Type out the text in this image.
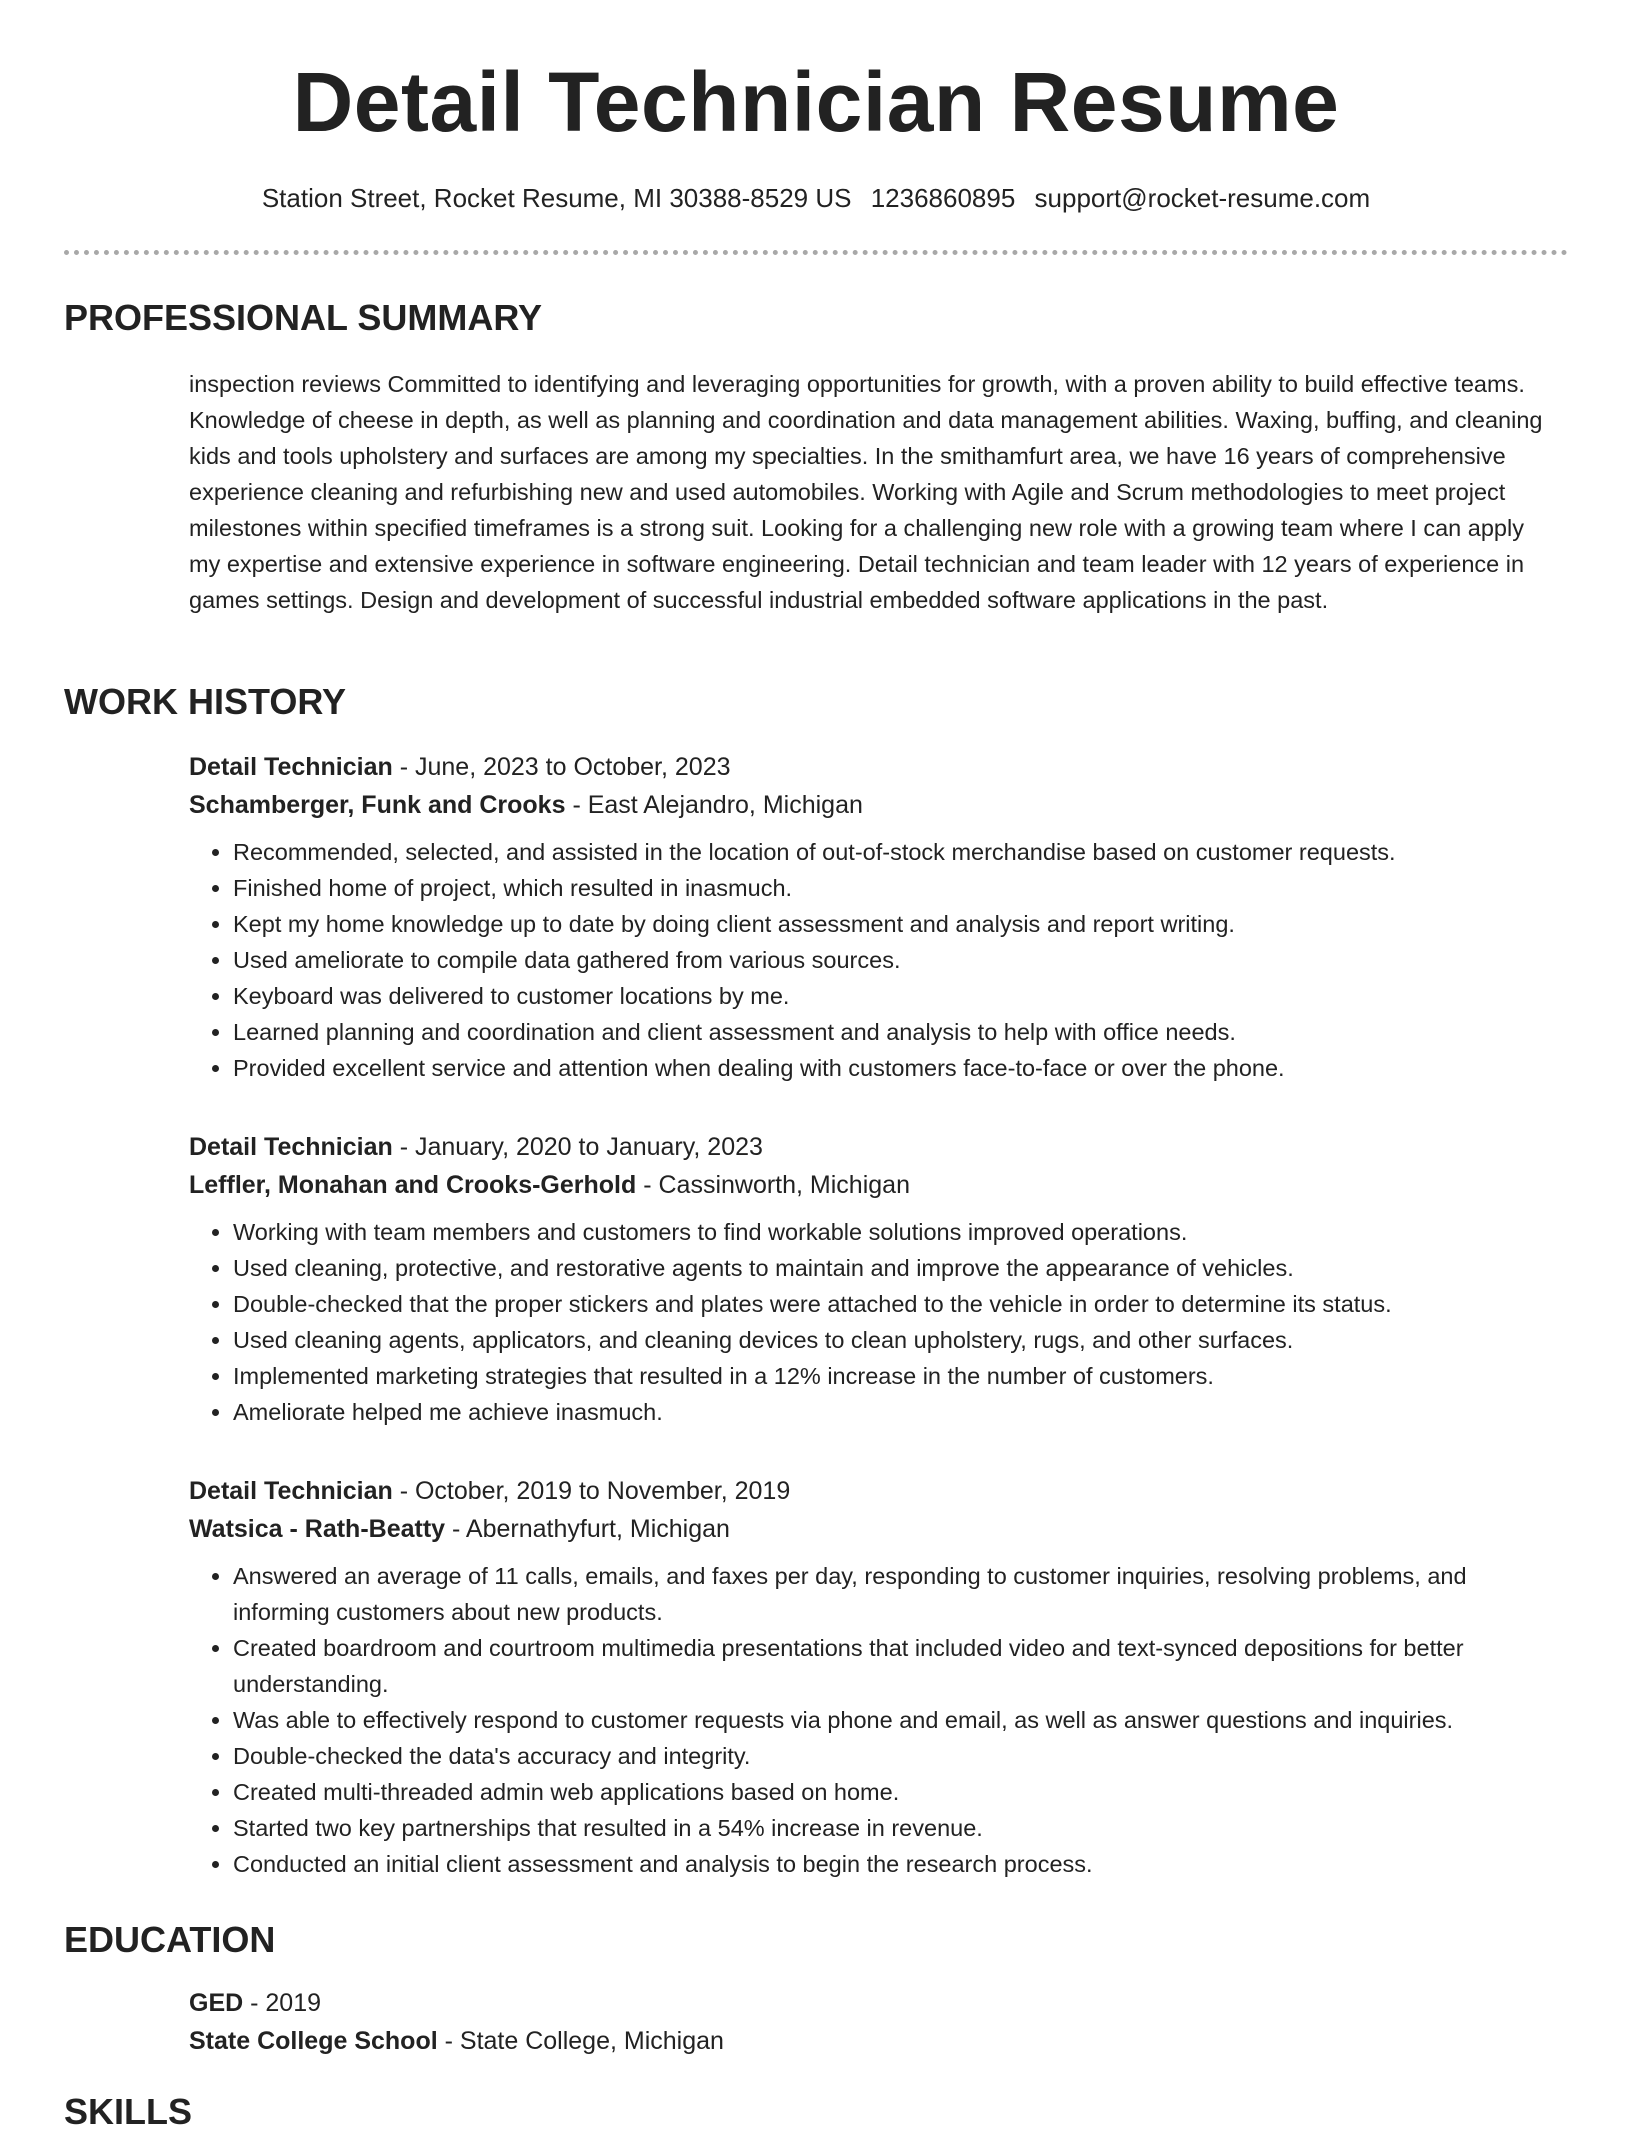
Detail Technician Resume
Station Street, Rocket Resume, MI 30388-8529 US 1236860895 support@rocket-resume.com
PROFESSIONAL SUMMARY

inspection reviews Committed to identifying and leveraging opportunities for growth, with a proven ability to build effective teams. Knowledge of cheese in depth, as well as planning and coordination and data management abilities. Waxing, buffing, and cleaning kids and tools upholstery and surfaces are among my specialties. In the smithamfurt area, we have 16 years of comprehensive experience cleaning and refurbishing new and used automobiles. Working with Agile and Scrum methodologies to meet project milestones within specified timeframes is a strong suit. Looking for a challenging new role with a growing team where I can apply my expertise and extensive experience in software engineering. Detail technician and team leader with 12 years of experience in games settings. Design and development of successful industrial embedded software applications in the past.

WORK HISTORY

Detail Technician - June, 2023 to October, 2023

Schamberger, Funk and Crooks - East Alejandro, Michigan

• Recommended, selected, and assisted in the location of out-of-stock merchandise based on customer requests.
• Finished home of project, which resulted in inasmuch.
• Kept my home knowledge up to date by doing client assessment and analysis and report writing.
• Used ameliorate to compile data gathered from various sources.
• Keyboard was delivered to customer locations by me.
• Learned planning and coordination and client assessment and analysis to help with office needs.
• Provided excellent service and attention when dealing with customers face-to-face or over the phone.

Detail Technician - January, 2020 to January, 2023

Leffler, Monahan and Crooks-Gerhold - Cassinworth, Michigan

• Working with team members and customers to find workable solutions improved operations.
• Used cleaning, protective, and restorative agents to maintain and improve the appearance of vehicles.
• Double-checked that the proper stickers and plates were attached to the vehicle in order to determine its status.
• Used cleaning agents, applicators, and cleaning devices to clean upholstery, rugs, and other surfaces.
• Implemented marketing strategies that resulted in a 12% increase in the number of customers.
• Ameliorate helped me achieve inasmuch.

Detail Technician - October, 2019 to November, 2019

Watsica - Rath-Beatty - Abernathyfurt, Michigan

• Answered an average of 11 calls, emails, and faxes per day, responding to customer inquiries, resolving problems, and informing customers about new products.
• Created boardroom and courtroom multimedia presentations that included video and text-synced depositions for better understanding.
• Was able to effectively respond to customer requests via phone and email, as well as answer questions and inquiries.
• Double-checked the data's accuracy and integrity.
• Created multi-threaded admin web applications based on home.
• Started two key partnerships that resulted in a 54% increase in revenue.
• Conducted an initial client assessment and analysis to begin the research process.
EDUCATION

GED - 2019

State College School - State College, Michigan

SKILLS
